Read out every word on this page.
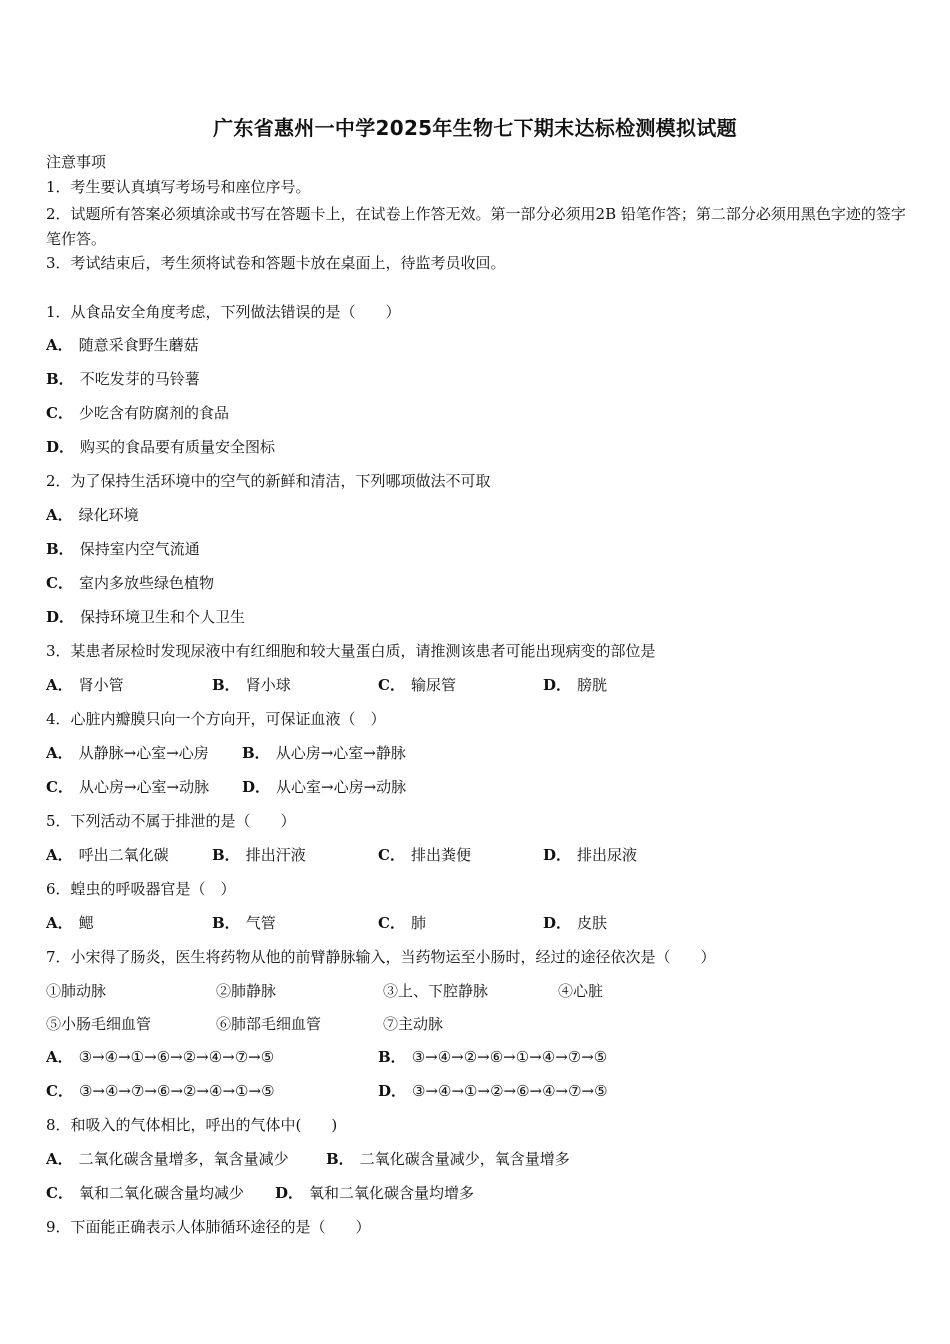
广东省惠州一中学2025年生物七下期末达标检测模拟试题
注意事项
1．考生要认真填写考场号和座位序号。
2．试题所有答案必须填涂或书写在答题卡上，在试卷上作答无效。第一部分必须用2B 铅笔作答；第二部分必须用黑色字迹的签字笔作答。
3．考试结束后，考生须将试卷和答题卡放在桌面上，待监考员收回。
1．从食品安全角度考虑，下列做法错误的是（　　）
A． 随意采食野生蘑菇
B． 不吃发芽的马铃薯
C． 少吃含有防腐剂的食品
D． 购买的食品要有质量安全图标
2．为了保持生活环境中的空气的新鲜和清洁，下列哪项做法不可取
A． 绿化环境
B． 保持室内空气流通
C． 室内多放些绿色植物
D． 保持环境卫生和个人卫生
3．某患者尿检时发现尿液中有红细胞和较大量蛋白质，请推测该患者可能出现病变的部位是
A． 肾小管	B． 肾小球	C． 输尿管	D． 膀胱
4．心脏内瓣膜只向一个方向开，可保证血液（　）
A． 从静脉→心室→心房 B． 从心房→心室→静脉
C． 从心房→心室→动脉 D． 从心室→心房→动脉
5．下列活动不属于排泄的是（　　）
A． 呼出二氧化碳	B． 排出汗液	C． 排出粪便	D． 排出尿液
6．蝗虫的呼吸器官是（　）
A． 鳃	B． 气管	C． 肺	D． 皮肤
7．小宋得了肠炎，医生将药物从他的前臂静脉输入，当药物运至小肠时，经过的途径依次是（　　）
①肺动脉	②肺静脉	③上、下腔静脉	④心脏
⑤小肠毛细血管	⑥肺部毛细血管	⑦主动脉
A． ③→④→①→⑥→②→④→⑦→⑤	B． ③→④→②→⑥→①→④→⑦→⑤
C． ③→④→⑦→⑥→②→④→①→⑤	D． ③→④→①→②→⑥→④→⑦→⑤
8．和吸入的气体相比，呼出的气体中(　　)
A． 二氧化碳含量增多，氧含量减少 B． 二氧化碳含量减少，氧含量增多
C． 氧和二氧化碳含量均减少 D． 氧和二氧化碳含量均增多
9．下面能正确表示人体肺循环途径的是（　　）
